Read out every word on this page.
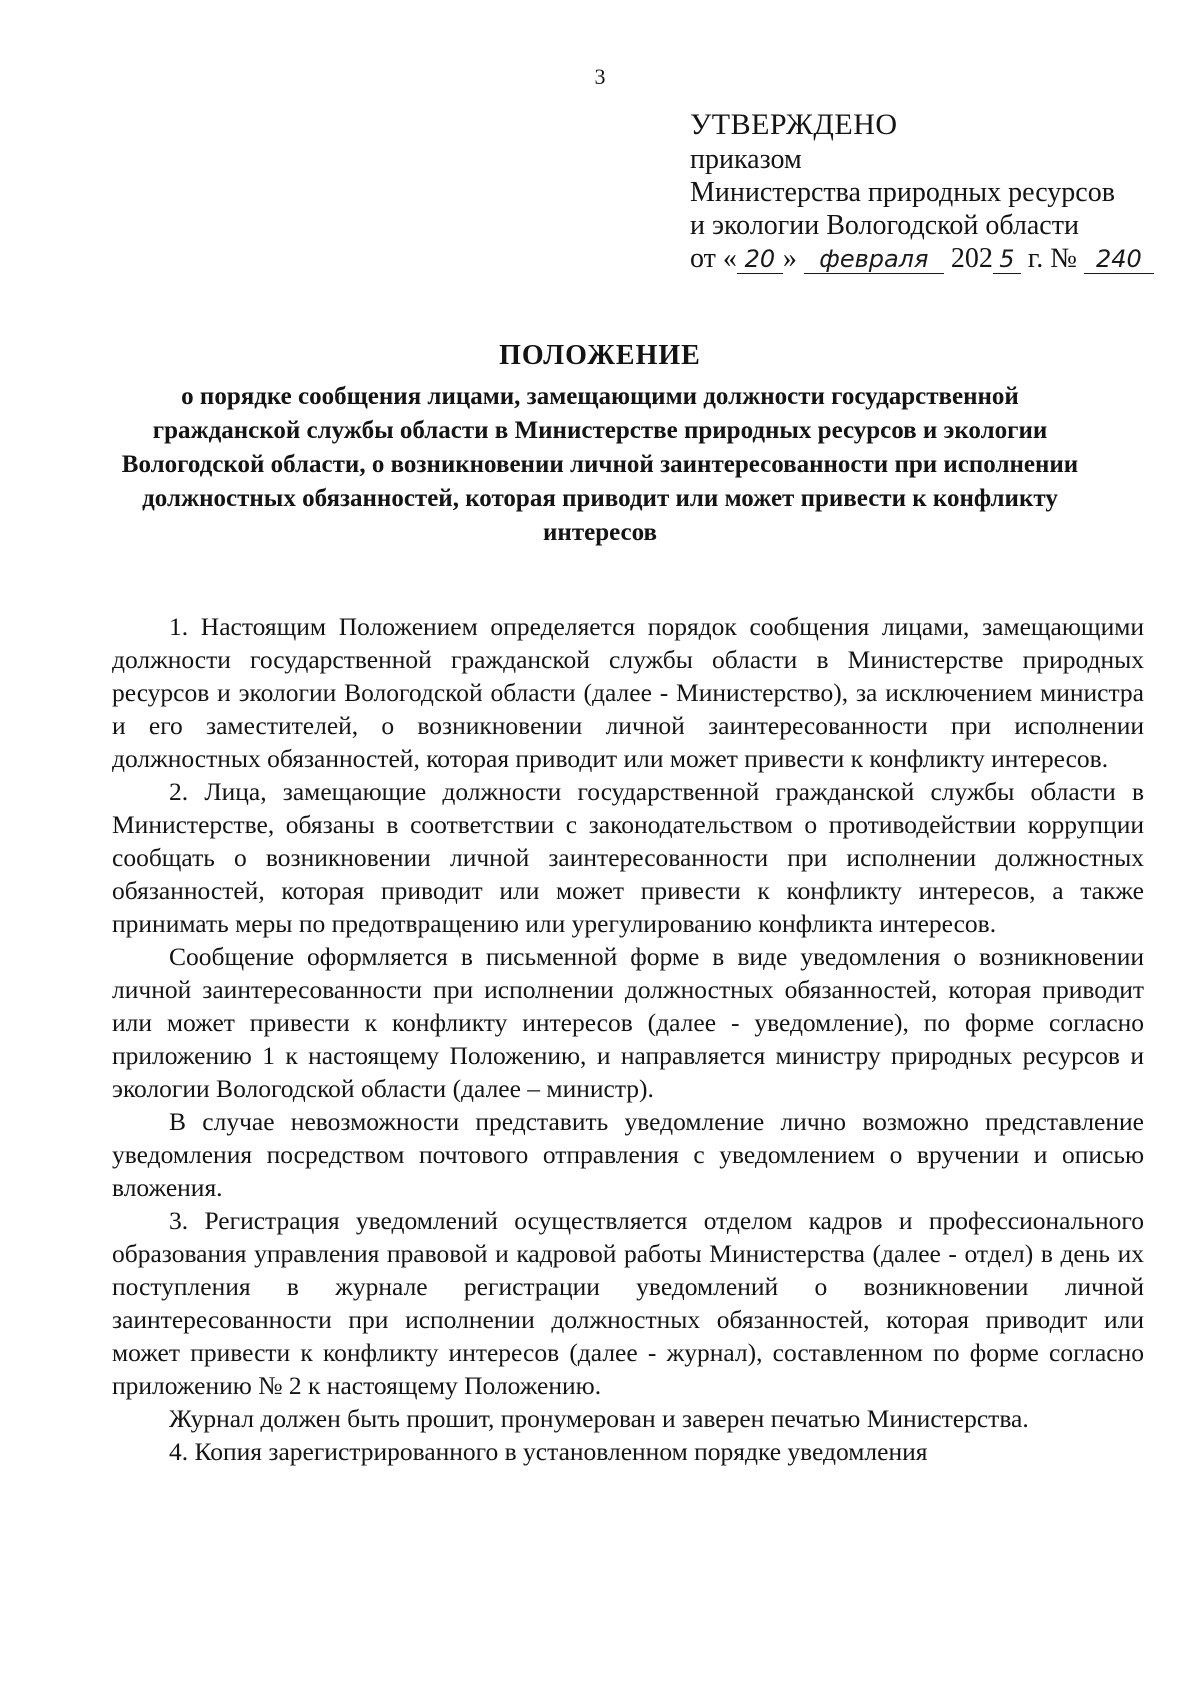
3
УТВЕРЖДЕНО
приказом
Министерства природных ресурсов
и экологии Вологодской области
от « 20 » февраля 202 5 г. № 240
ПОЛОЖЕНИЕ
о порядке сообщения лицами, замещающими должности государственной гражданской службы области в Министерстве природных ресурсов и экологии Вологодской области, о возникновении личной заинтересованности при исполнении должностных обязанностей, которая приводит или может привести к конфликту интересов

1. Настоящим Положением определяется порядок сообщения лицами, замещающими должности государственной гражданской службы области в Министерстве природных ресурсов и экологии Вологодской области (далее - Министерство), за исключением министра и его заместителей, о возникновении личной заинтересованности при исполнении должностных обязанностей, которая приводит или может привести к конфликту интересов.

2. Лица, замещающие должности государственной гражданской службы области в Министерстве, обязаны в соответствии с законодательством о противодействии коррупции сообщать о возникновении личной заинтересованности при исполнении должностных обязанностей, которая приводит или может привести к конфликту интересов, а также принимать меры по предотвращению или урегулированию конфликта интересов.

Сообщение оформляется в письменной форме в виде уведомления о возникновении личной заинтересованности при исполнении должностных обязанностей, которая приводит или может привести к конфликту интересов (далее - уведомление), по форме согласно приложению 1 к настоящему Положению, и направляется министру природных ресурсов и экологии Вологодской области (далее – министр).

В случае невозможности представить уведомление лично возможно представление уведомления посредством почтового отправления с уведомлением о вручении и описью вложения.

3. Регистрация уведомлений осуществляется отделом кадров и профессионального образования управления правовой и кадровой работы Министерства (далее - отдел) в день их поступления в журнале регистрации уведомлений о возникновении личной заинтересованности при исполнении должностных обязанностей, которая приводит или может привести к конфликту интересов (далее - журнал), составленном по форме согласно приложению № 2 к настоящему Положению.

Журнал должен быть прошит, пронумерован и заверен печатью Министерства.

4. Копия зарегистрированного в установленном порядке уведомления
